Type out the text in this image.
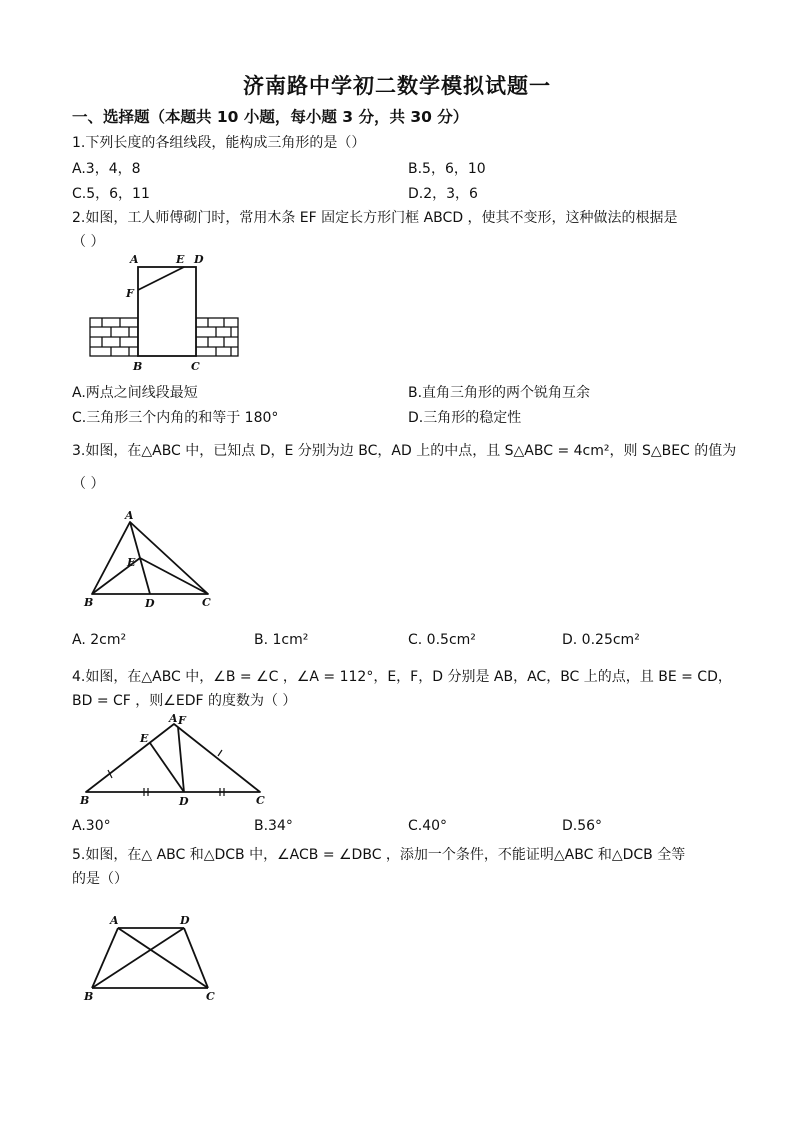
济南路中学初二数学模拟试题一
一、选择题（本题共 10 小题，每小题 3 分，共 30 分）
1.下列长度的各组线段，能构成三角形的是（）
A.3，4，8	B.5，6，10
C.5，6，11	D.2，3，6
2.如图，工人师傅砌门时，常用木条 EF 固定长方形门框 ABCD ，使其不变形，这种做法的根据是
（ ）
A	E D
F
B	C
A.两点之间线段最短	B.直角三角形的两个锐角互余
C.三角形三个内角的和等于 180°	D.三角形的稳定性
3.如图，在△ABC 中，已知点 D，E 分别为边 BC，AD 上的中点，且 S△ABC = 4cm²，则 S△BEC 的值为
（ ）
A
E
B	D	C
A. 2cm²	B. 1cm²	C. 0.5cm²	D. 0.25cm²
4.如图，在△ABC 中，∠B = ∠C ，∠A = 112°，E，F，D 分别是 AB，AC，BC 上的点，且 BE = CD，
BD = CF ，则∠EDF 的度数为（ ）
A F
E
B	D	C
A.30°	B.34°	C.40°	D.56°
5.如图，在△ ABC 和△DCB 中，∠ACB = ∠DBC ，添加一个条件，不能证明△ABC 和△DCB 全等
的是（）
A	D
B	C
